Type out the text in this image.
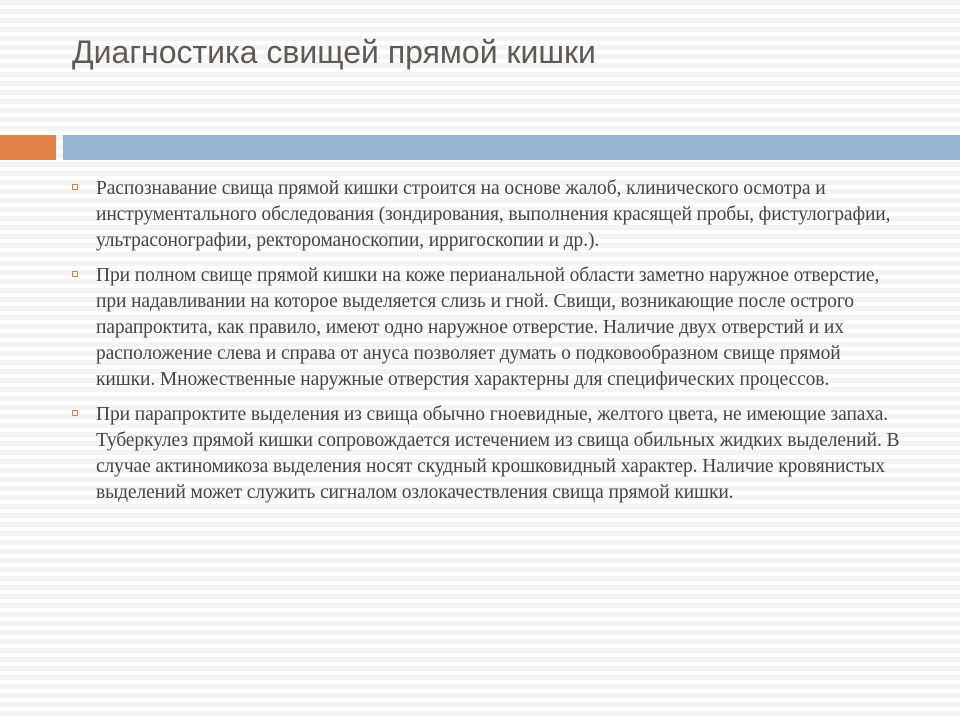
Диагностика свищей прямой кишки
Распознавание свища прямой кишки строится на основе жалоб, клинического осмотра и инструментального обследования (зондирования, выполнения красящей пробы, фистулографии, ультрасонографии, ректороманоскопии, ирригоскопии и др.).
При полном свище прямой кишки на коже перианальной области заметно наружное отверстие, при надавливании на которое выделяется слизь и гной. Свищи, возникающие после острого парапроктита, как правило, имеют одно наружное отверстие. Наличие двух отверстий и их расположение слева и справа от ануса позволяет думать о подковообразном свище прямой кишки. Множественные наружные отверстия характерны для специфических процессов.
При парапроктите выделения из свища обычно гноевидные, желтого цвета, не имеющие запаха. Туберкулез прямой кишки сопровождается истечением из свища обильных жидких выделений. В случае актиномикоза выделения носят скудный крошковидный характер. Наличие кровянистых выделений может служить сигналом озлокачествления свища прямой кишки.
